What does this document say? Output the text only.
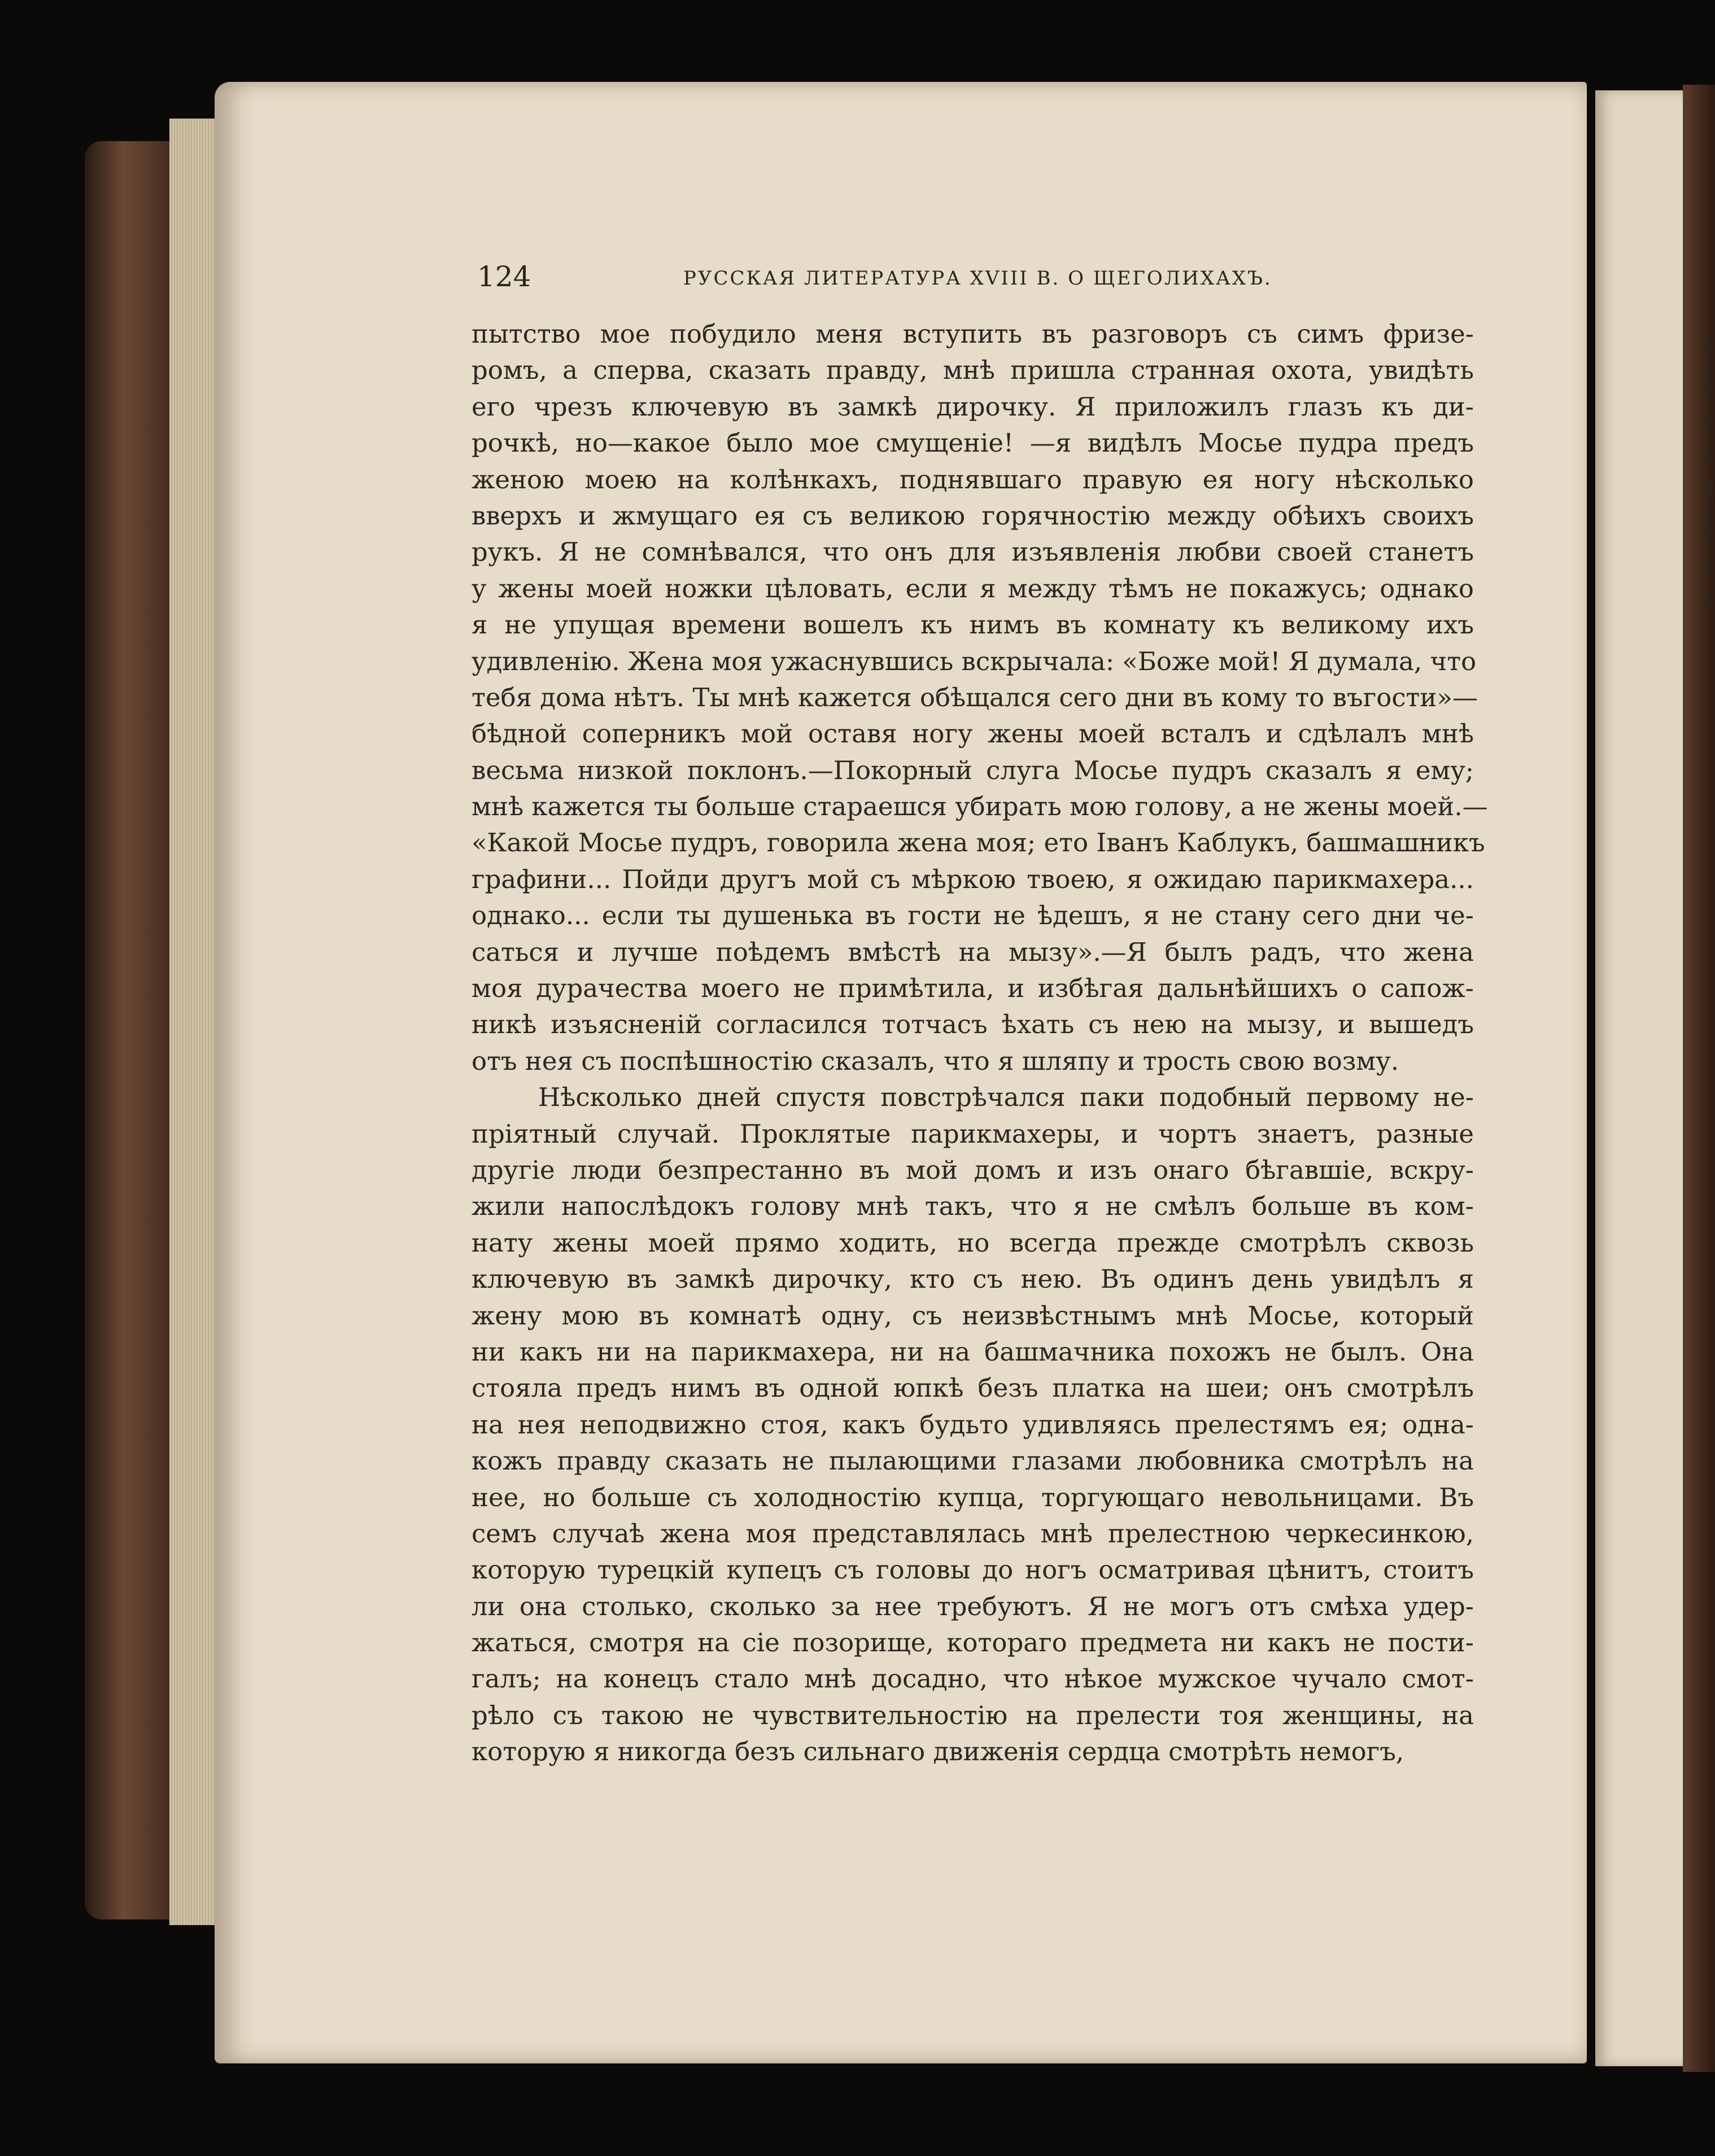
124	РУССКАЯ ЛИТЕРАТУРА XVIII В. О ЩЕГОЛИХАХЪ.
пытство мое побудило меня вступить въ разговоръ съ симъ фризе-
ромъ, а сперва, сказать правду, мнѣ пришла странная охота, увидѣть
его чрезъ ключевую въ замкѣ дирочку. Я приложилъ глазъ къ ди-
рочкѣ, но—какое было мое смущеніе! —я видѣлъ Мосье пудра предъ
женою моею на колѣнкахъ, поднявшаго правую ея ногу нѣсколько
вверхъ и жмущаго ея съ великою горячностію между обѣихъ своихъ
рукъ. Я не сомнѣвался, что онъ для изъявленія любви своей станетъ
у жены моей ножки цѣловать, если я между тѣмъ не покажусь; однако
я не упущая времени вошелъ къ нимъ въ комнату къ великому ихъ
удивленію. Жена моя ужаснувшись вскрычала: «Боже мой! Я думала, что
тебя дома нѣтъ. Ты мнѣ кажется обѣщался сего дни въ кому то въгости»—
бѣдной соперникъ мой оставя ногу жены моей всталъ и сдѣлалъ мнѣ
весьма низкой поклонъ.—Покорный слуга Мосье пудръ сказалъ я ему;
мнѣ кажется ты больше стараешся убирать мою голову, а не жены моей.—
«Какой Мосье пудръ, говорила жена моя; ето Іванъ Каблукъ, башмашникъ
графини... Пойди другъ мой съ мѣркою твоею, я ожидаю парикмахера...
однако... если ты душенька въ гости не ѣдешъ, я не стану сего дни че-
саться и лучше поѣдемъ вмѣстѣ на мызу».—Я былъ радъ, что жена
моя дурачества моего не примѣтила, и избѣгая дальнѣйшихъ о сапож-
никѣ изъясненій согласился тотчасъ ѣхать съ нею на мызу, и вышедъ
отъ нея съ поспѣшностію сказалъ, что я шляпу и трость свою возму.
Нѣсколько дней спустя повстрѣчался паки подобный первому не-
пріятный случай. Проклятые парикмахеры, и чортъ знаетъ, разные
другіе люди безпрестанно въ мой домъ и изъ онаго бѣгавшіе, вскру-
жили напослѣдокъ голову мнѣ такъ, что я не смѣлъ больше въ ком-
нату жены моей прямо ходить, но всегда прежде смотрѣлъ сквозь
ключевую въ замкѣ дирочку, кто съ нею. Въ одинъ день увидѣлъ я
жену мою въ комнатѣ одну, съ неизвѣстнымъ мнѣ Мосье, который
ни какъ ни на парикмахера, ни на башмачника похожъ не былъ. Она
стояла предъ нимъ въ одной юпкѣ безъ платка на шеи; онъ смотрѣлъ
на нея неподвижно стоя, какъ будьто удивляясь прелестямъ ея; одна-
кожъ правду сказать не пылающими глазами любовника смотрѣлъ на
нее, но больше съ холодностію купца, торгующаго невольницами. Въ
семъ случаѣ жена моя представлялась мнѣ прелестною черкесинкою,
которую турецкій купецъ съ головы до ногъ осматривая цѣнитъ, стоитъ
ли она столько, сколько за нее требуютъ. Я не могъ отъ смѣха удер-
жаться, смотря на сіе позорище, котораго предмета ни какъ не пости-
галъ; на конецъ стало мнѣ досадно, что нѣкое мужское чучало смот-
рѣло съ такою не чувствительностію на прелести тоя женщины, на
которую я никогда безъ сильнаго движенія сердца смотрѣть немогъ,
ı
(
ı
(
I
ı
ı
ı
